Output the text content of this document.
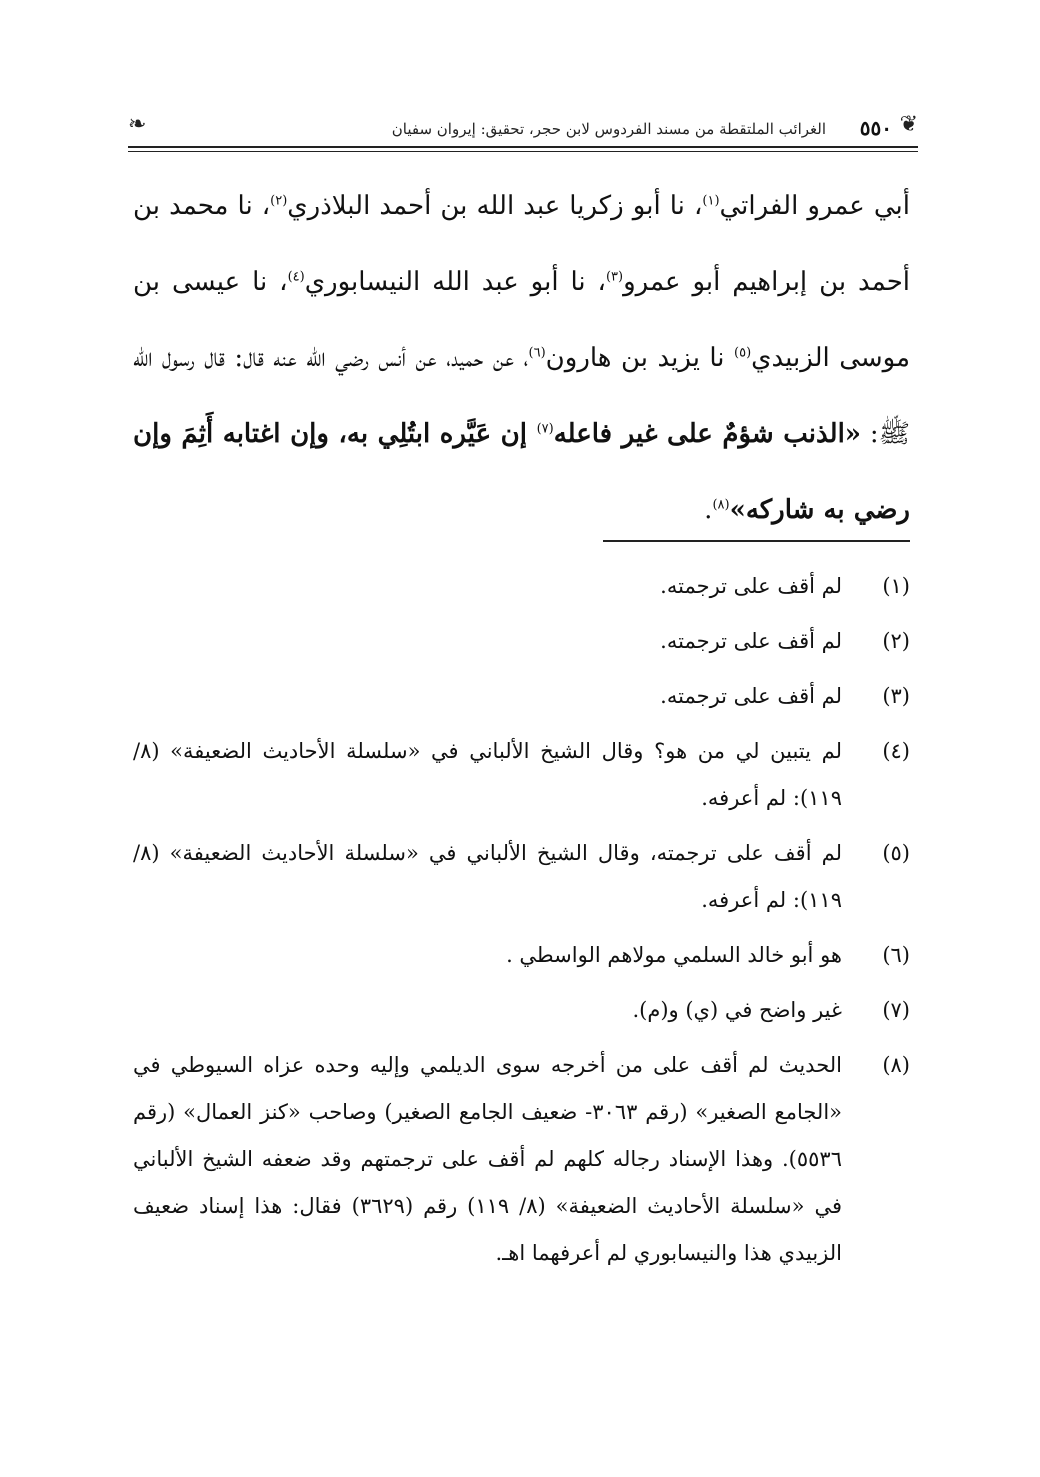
❦
٥٥٠
الغرائب الملتقطة من مسند الفردوس لابن حجر، تحقيق: إيروان سفيان
❧
أبي عمرو الفراتي$^{(١)}$، نا أبو زكريا عبد الله بن أحمد البلاذري$^{(٢)}$، نا محمد بن أحمد بن إبراهيم أبو عمرو$^{(٣)}$، نا أبو عبد الله النيسابوري$^{(٤)}$، نا عيسى بن موسى الزبيدي$^{(٥)}$ نا يزيد بن هارون$^{(٦)}$، عن حميد، عن أنس رضي الله عنه قال: قال رسول الله ﷺ: «الذنب شؤمٌ على غير فاعله$^{(٧)}$ إن عَيَّره ابتُلِي به، وإن اغتابه أَثِمَ وإن رضي به شاركه»$^{(٨)}$.
(١)
لم أقف على ترجمته.
(٢)
لم أقف على ترجمته.
(٣)
لم أقف على ترجمته.
(٤)
لم يتبين لي من هو؟ وقال الشيخ الألباني في «سلسلة الأحاديث الضعيفة» (٨/ ١١٩): لم أعرفه.
(٥)
لم أقف على ترجمته، وقال الشيخ الألباني في «سلسلة الأحاديث الضعيفة» (٨/ ١١٩): لم أعرفه.
(٦)
هو أبو خالد السلمي مولاهم الواسطي .
(٧)
غير واضح في (ي) و(م).
(٨)
الحديث لم أقف على من أخرجه سوى الديلمي وإليه وحده عزاه السيوطي في «الجامع الصغير» (رقم ٣٠٦٣- ضعيف الجامع الصغير) وصاحب «كنز العمال» (رقم ٥٥٣٦). وهذا الإسناد رجاله كلهم لم أقف على ترجمتهم وقد ضعفه الشيخ الألباني في «سلسلة الأحاديث الضعيفة» (٨/ ١١٩) رقم (٣٦٢٩) فقال: هذا إسناد ضعيف الزبيدي هذا والنيسابوري لم أعرفهما اهـ.
